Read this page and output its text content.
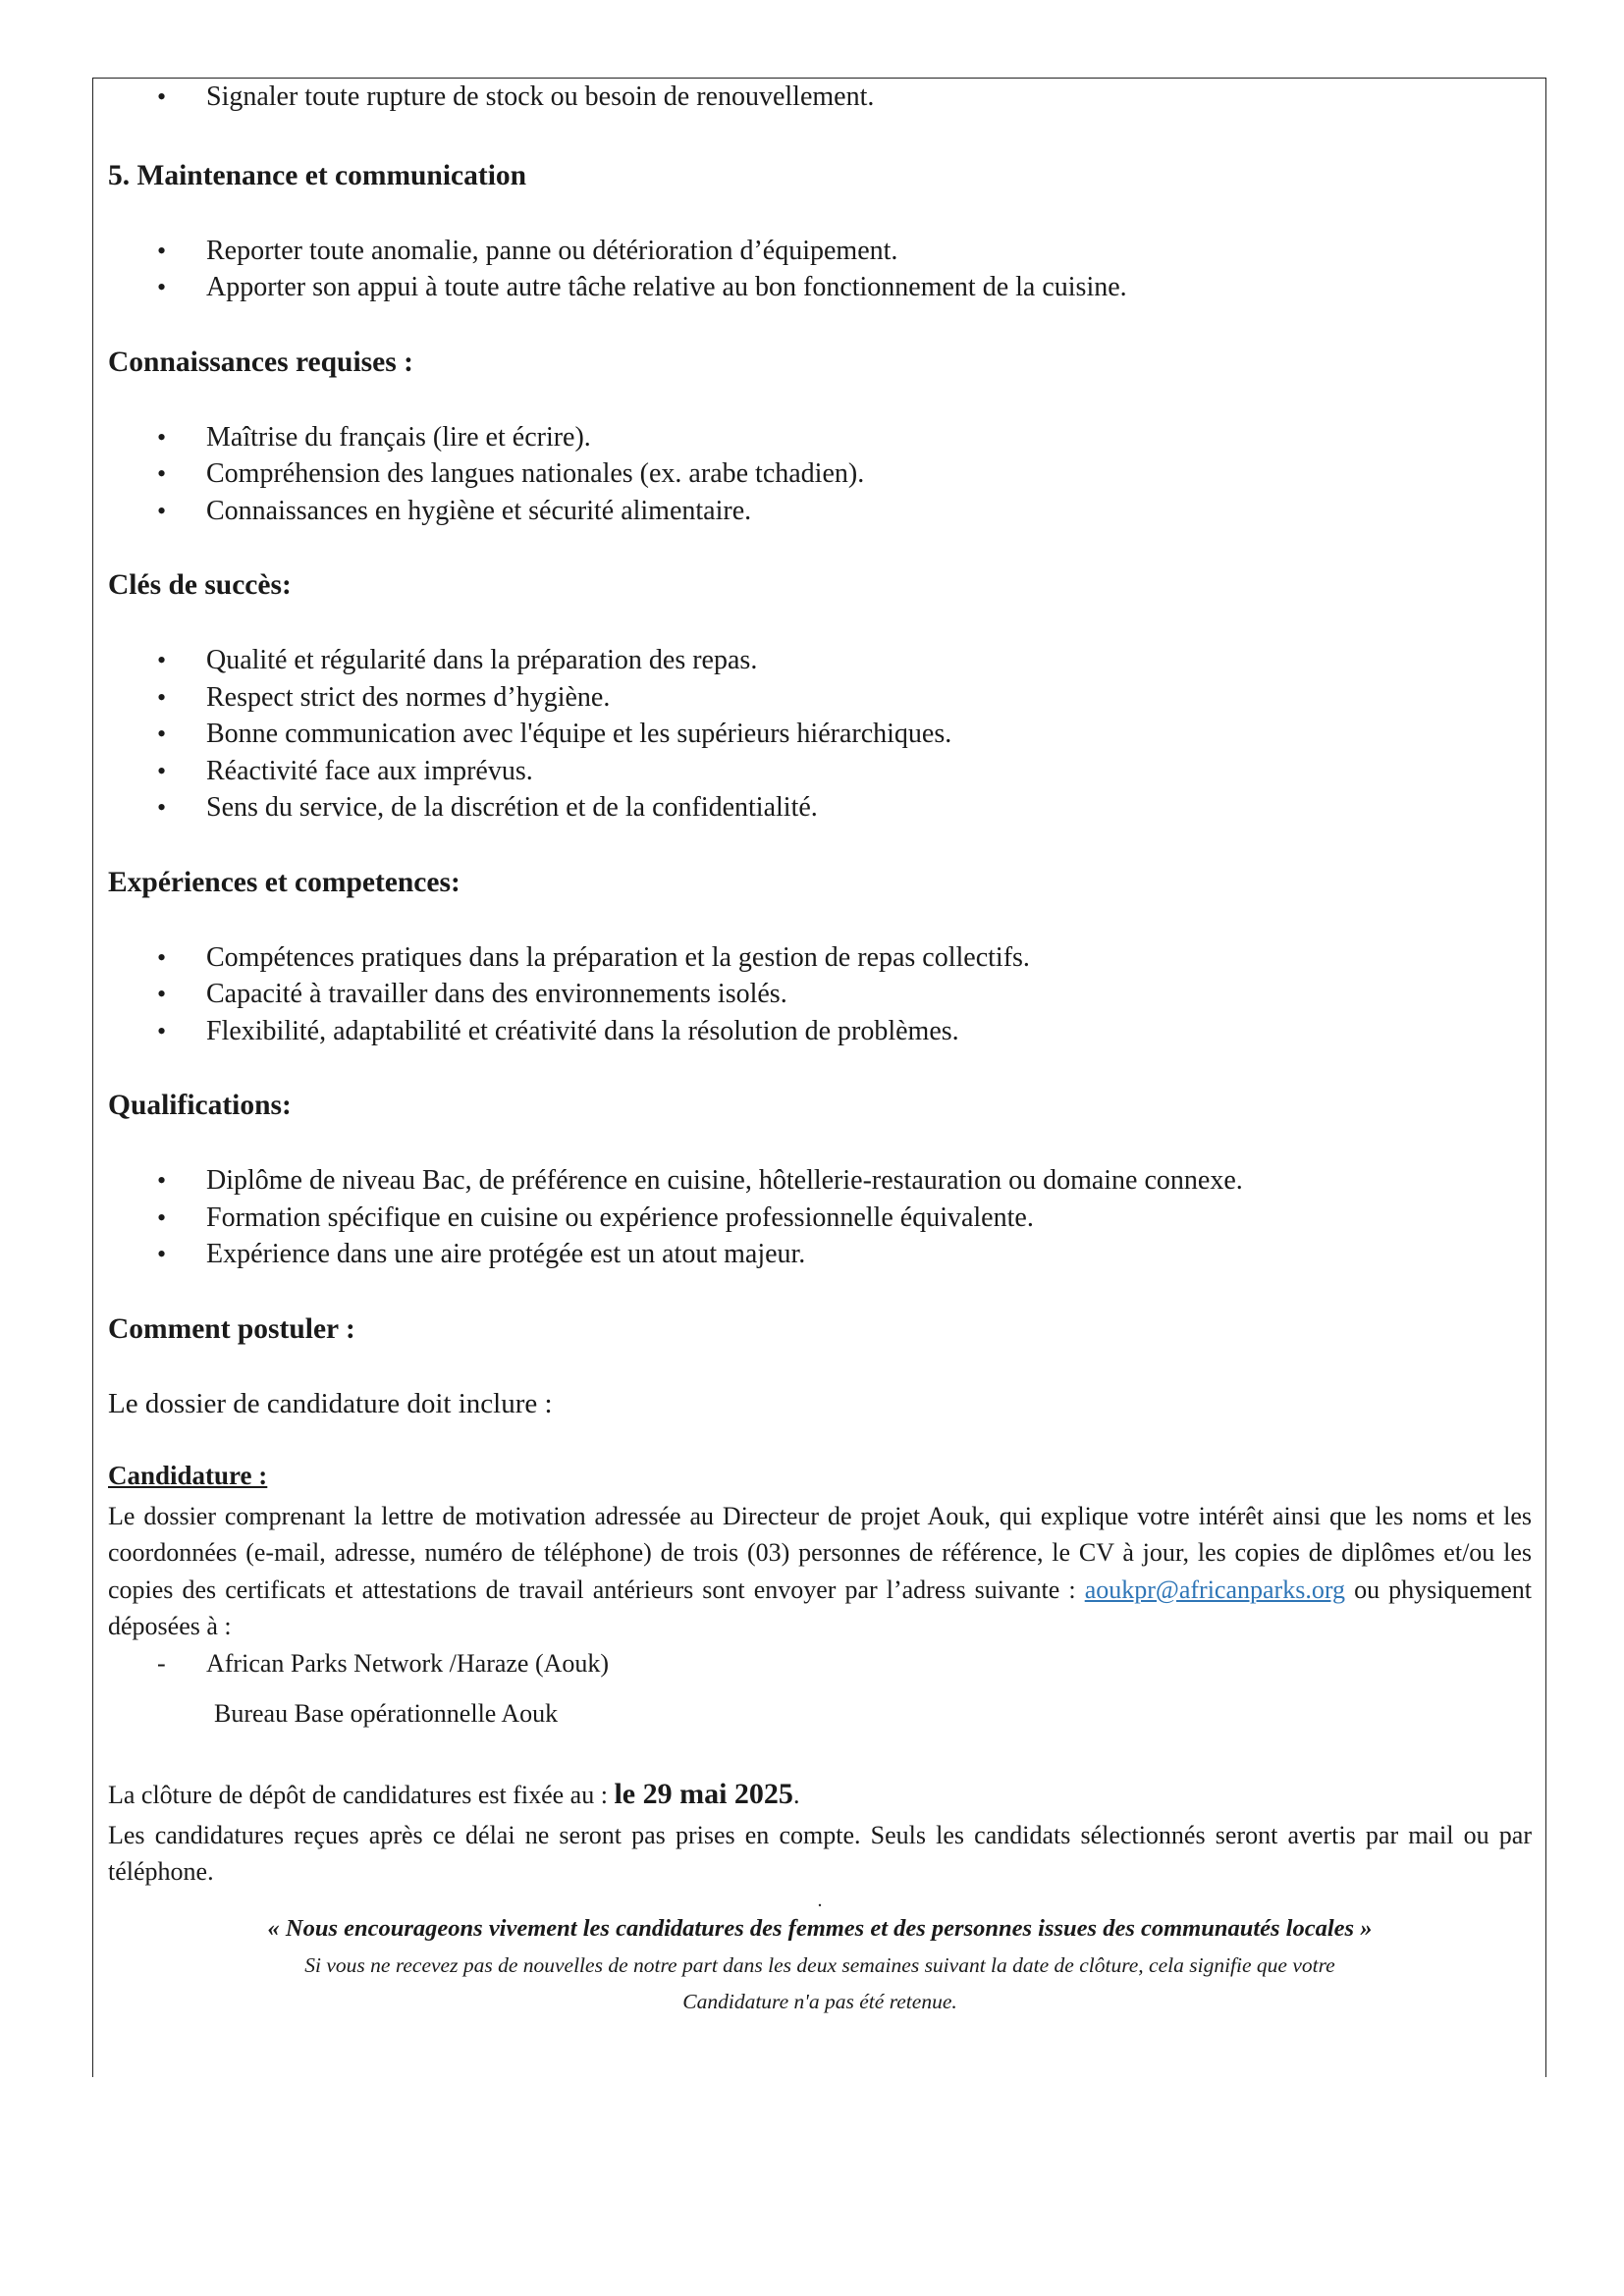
• Signaler toute rupture de stock ou besoin de renouvellement.
5. Maintenance et communication
• Reporter toute anomalie, panne ou détérioration d’équipement.
• Apporter son appui à toute autre tâche relative au bon fonctionnement de la cuisine.
Connaissances requises :
• Maîtrise du français (lire et écrire).
• Compréhension des langues nationales (ex. arabe tchadien).
• Connaissances en hygiène et sécurité alimentaire.
Clés de succès:
• Qualité et régularité dans la préparation des repas.
• Respect strict des normes d’hygiène.
• Bonne communication avec l'équipe et les supérieurs hiérarchiques.
• Réactivité face aux imprévus.
• Sens du service, de la discrétion et de la confidentialité.
Expériences et competences:
• Compétences pratiques dans la préparation et la gestion de repas collectifs.
• Capacité à travailler dans des environnements isolés.
• Flexibilité, adaptabilité et créativité dans la résolution de problèmes.
Qualifications:
• Diplôme de niveau Bac, de préférence en cuisine, hôtellerie-restauration ou domaine connexe.
• Formation spécifique en cuisine ou expérience professionnelle équivalente.
• Expérience dans une aire protégée est un atout majeur.
Comment postuler :

Le dossier de candidature doit inclure :

Candidature :

Le dossier comprenant la lettre de motivation adressée au Directeur de projet Aouk, qui explique votre intérêt ainsi que les noms et les coordonnées (e-mail, adresse, numéro de téléphone) de trois (03) personnes de référence, le CV à jour, les copies de diplômes et/ou les copies des certificats et attestations de travail antérieurs sont envoyer par l’adress suivante : aoukpr@africanparks.org ou physiquement déposées à :

- African Parks Network /Haraze (Aouk)

Bureau Base opérationnelle Aouk

La clôture de dépôt de candidatures est fixée au : le 29 mai 2025.

Les candidatures reçues après ce délai ne seront pas prises en compte. Seuls les candidats sélectionnés seront avertis par mail ou par téléphone.

.

« Nous encourageons vivement les candidatures des femmes et des personnes issues des communautés locales »

Si vous ne recevez pas de nouvelles de notre part dans les deux semaines suivant la date de clôture, cela signifie que votre

Candidature n'a pas été retenue.
